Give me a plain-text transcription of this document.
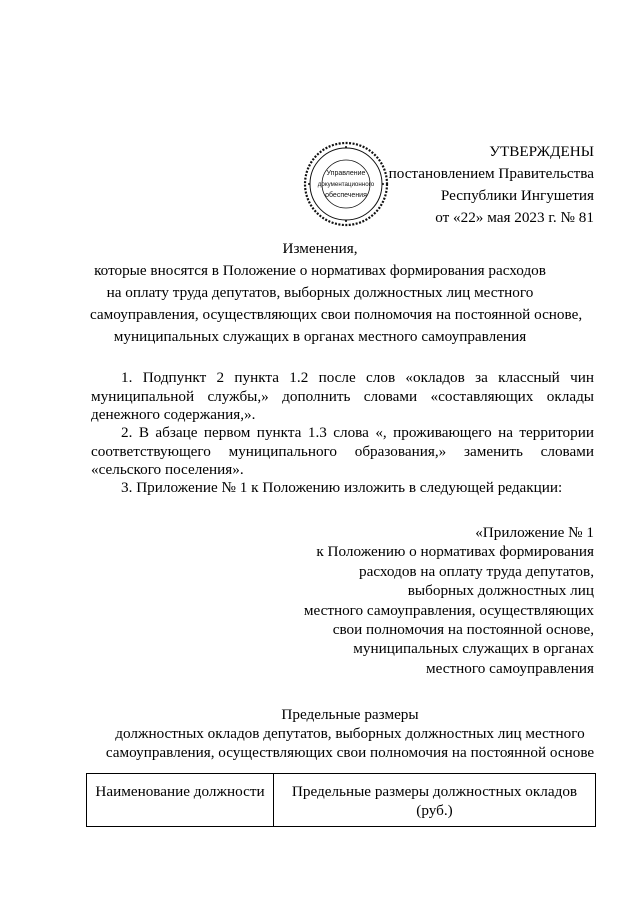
Управление
документационного
обеспечения
УТВЕРЖДЕНЫ
постановлением Правительства
Республики Ингушетия
от «22» мая 2023 г. № 81
Изменения,
которые вносятся в Положение о нормативах формирования расходов
на оплату труда депутатов, выборных должностных лиц местного
самоуправления, осуществляющих свои полномочия на постоянной основе,
муниципальных служащих в органах местного самоуправления
1. Подпункт 2 пункта 1.2 после слов «окладов за классный чин
муниципальной службы,» дополнить словами «составляющих оклады
денежного содержания,».
2. В абзаце первом пункта 1.3 слова «, проживающего на территории
соответствующего муниципального образования,» заменить словами
«сельского поселения».
3. Приложение № 1 к Положению изложить в следующей редакции:
«Приложение № 1
к Положению о нормативах формирования
расходов на оплату труда депутатов,
выборных должностных лиц
местного самоуправления, осуществляющих
свои полномочия на постоянной основе,
муниципальных служащих в органах
местного самоуправления
Предельные размеры
должностных окладов депутатов, выборных должностных лиц местного
самоуправления, осуществляющих свои полномочия на постоянной основе
Наименование должности	Предельные размеры должностных окладов
(руб.)
